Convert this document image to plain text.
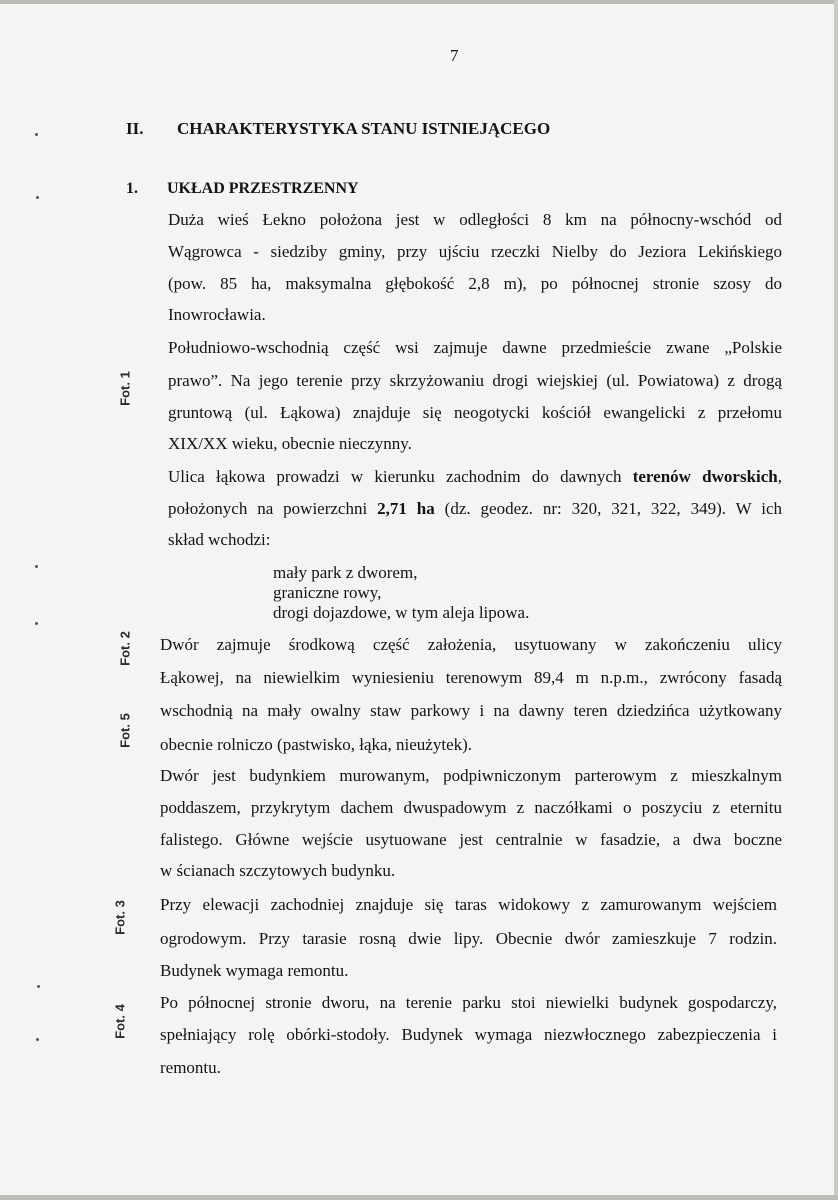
7
II. CHARAKTERYSTYKA STANU ISTNIEJĄCEGO
1. UKŁAD PRZESTRZENNY
Duża wieś Łekno położona jest w odległości 8 km na północny-wschód od
Wągrowca - siedziby gminy, przy ujściu rzeczki Nielby do Jeziora Lekińskiego
(pow. 85 ha, maksymalna głębokość 2,8 m), po północnej stronie szosy do
Inowrocławia.
Południowo-wschodnią część wsi zajmuje dawne przedmieście zwane „Polskie
prawo”. Na jego terenie przy skrzyżowaniu drogi wiejskiej (ul. Powiatowa) z drogą
gruntową (ul. Łąkowa) znajduje się neogotycki kościół ewangelicki z przełomu
XIX/XX wieku, obecnie nieczynny.
Ulica łąkowa prowadzi w kierunku zachodnim do dawnych terenów dworskich,
położonych na powierzchni 2,71 ha (dz. geodez. nr: 320, 321, 322, 349). W ich
skład wchodzi:
mały park z dworem,
graniczne rowy,
drogi dojazdowe, w tym aleja lipowa.
Dwór zajmuje środkową część założenia, usytuowany w zakończeniu ulicy
Łąkowej, na niewielkim wyniesieniu terenowym 89,4 m n.p.m., zwrócony fasadą
wschodnią na mały owalny staw parkowy i na dawny teren dziedzińca użytkowany
obecnie rolniczo (pastwisko, łąka, nieużytek).
Dwór jest budynkiem murowanym, podpiwniczonym parterowym z mieszkalnym
poddaszem, przykrytym dachem dwuspadowym z naczółkami o poszyciu z eternitu
falistego. Główne wejście usytuowane jest centralnie w fasadzie, a dwa boczne
w ścianach szczytowych budynku.
Przy elewacji zachodniej znajduje się taras widokowy z zamurowanym wejściem
ogrodowym. Przy tarasie rosną dwie lipy. Obecnie dwór zamieszkuje 7 rodzin.
Budynek wymaga remontu.
Po północnej stronie dworu, na terenie parku stoi niewielki budynek gospodarczy,
spełniający rolę obórki-stodoły. Budynek wymaga niezwłocznego zabezpieczenia i
remontu.
Fot. 1
Fot. 2
Fot. 5
Fot. 3
Fot. 4
